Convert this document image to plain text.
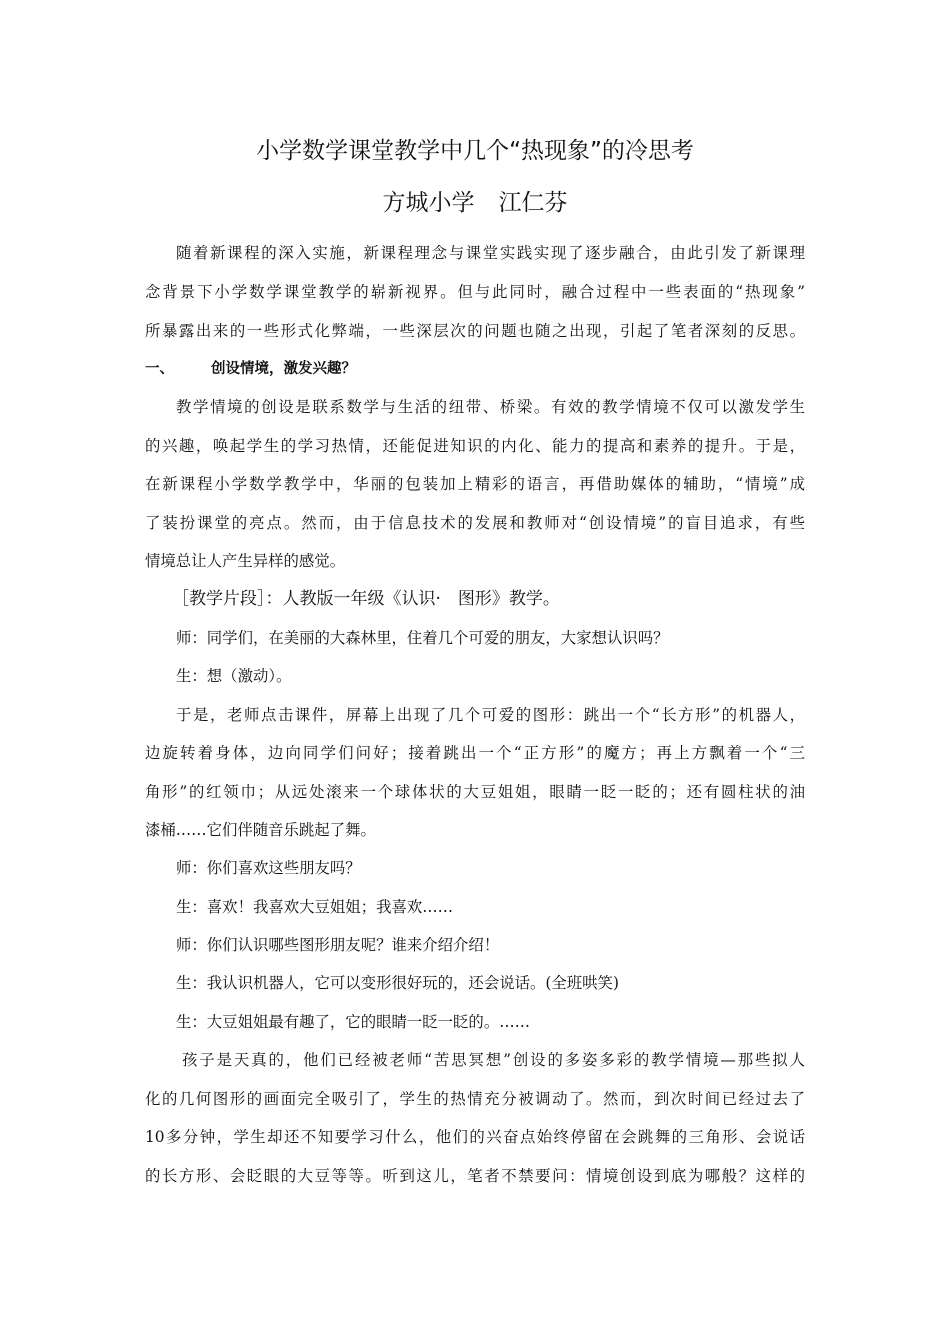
小学数学课堂教学中几个“热现象”的冷思考
方城小学 江仁芬
随着新课程的深入实施，新课程理念与课堂实践实现了逐步融合，由此引发了新课理
念背景下小学数学课堂教学的崭新视界。但与此同时，融合过程中一些表面的“热现象”
所暴露出来的一些形式化弊端，一些深层次的问题也随之出现，引起了笔者深刻的反思。
一、	创设情境，激发兴趣？
教学情境的创设是联系数学与生活的纽带、桥梁。有效的教学情境不仅可以激发学生
的兴趣，唤起学生的学习热情，还能促进知识的内化、能力的提高和素养的提升。于是，
在新课程小学数学教学中，华丽的包装加上精彩的语言，再借助媒体的辅助，“情境”成
了装扮课堂的亮点。然而，由于信息技术的发展和教师对“创设情境”的盲目追求，有些
情境总让人产生异样的感觉。
［教学片段］：人教版一年级《认识·　图形》教学。
师：同学们，在美丽的大森林里，住着几个可爱的朋友，大家想认识吗？
生：想（激动）。
于是，老师点击课件，屏幕上出现了几个可爱的图形：跳出一个“长方形”的机器人，
边旋转着身体，边向同学们问好；接着跳出一个“正方形”的魔方；再上方飘着一个“三
角形”的红领巾；从远处滚来一个球体状的大豆姐姐，眼睛一眨一眨的；还有圆柱状的油
漆桶……它们伴随音乐跳起了舞。
师：你们喜欢这些朋友吗？
生：喜欢！我喜欢大豆姐姐；我喜欢……
师：你们认识哪些图形朋友呢？谁来介绍介绍！
生：我认识机器人，它可以变形很好玩的，还会说话。(全班哄笑)
生：大豆姐姐最有趣了，它的眼睛一眨一眨的。……
孩子是天真的，他们已经被老师“苦思冥想”创设的多姿多彩的教学情境—那些拟人
化的几何图形的画面完全吸引了，学生的热情充分被调动了。然而，到次时间已经过去了
10多分钟，学生却还不知要学习什么，他们的兴奋点始终停留在会跳舞的三角形、会说话
的长方形、会眨眼的大豆等等。听到这儿，笔者不禁要问：情境创设到底为哪般？这样的
